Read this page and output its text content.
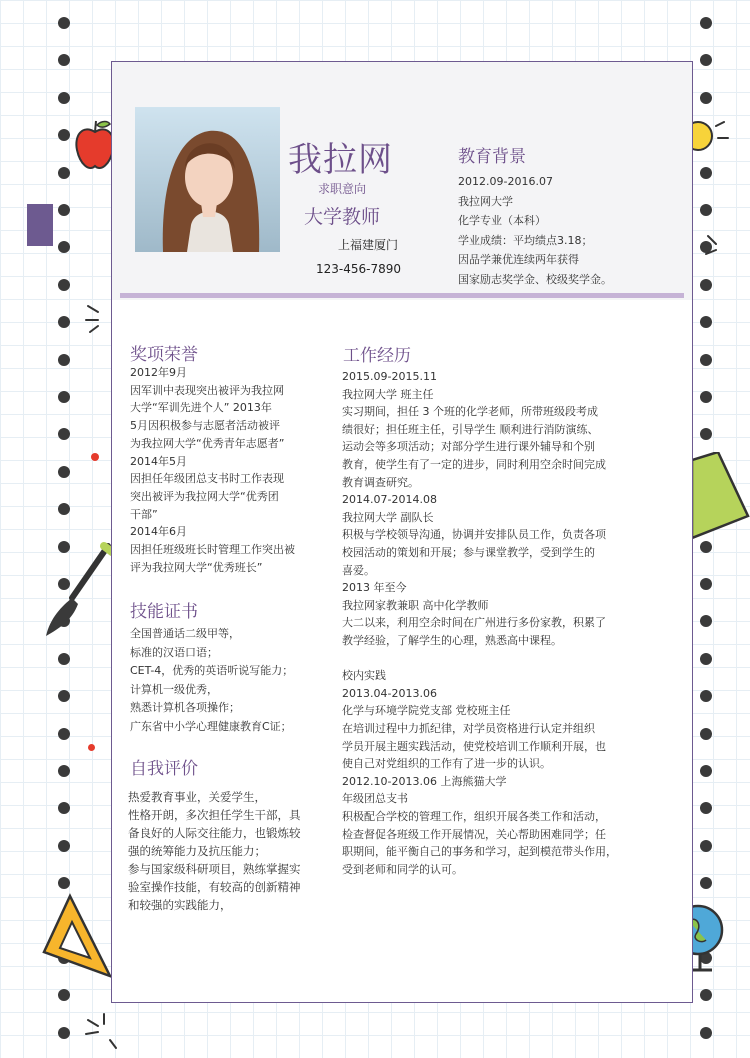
我拉网
求职意向
大学教师
上福建厦门
123-456-7890
教育背景
2012.09-2016.07
我拉网大学
化学专业（本科）
学业成绩：平均绩点3.18；
因品学兼优连续两年获得
国家励志奖学金、校级奖学金。
奖项荣誉
2012年9月
因军训中表现突出被评为我拉网
大学“军训先进个人” 2013年
5月因积极参与志愿者活动被评
为我拉网大学“优秀青年志愿者”
2014年5月
因担任年级团总支书时工作表现
突出被评为我拉网大学“优秀团
干部”
2014年6月
因担任班级班长时管理工作突出被
评为我拉网大学“优秀班长”
技能证书
全国普通话二级甲等，
标准的汉语口语；
CET-4，优秀的英语听说写能力；
计算机一级优秀，
熟悉计算机各项操作；
广东省中小学心理健康教育C证；
自我评价
热爱教育事业，关爱学生，
性格开朗，多次担任学生干部，具
备良好的人际交往能力，也锻炼较
强的统筹能力及抗压能力；
参与国家级科研项目，熟练掌握实
验室操作技能，有较高的创新精神
和较强的实践能力，
工作经历
2015.09-2015.11
我拉网大学 班主任
实习期间，担任 3 个班的化学老师，所带班级段考成
绩很好；担任班主任，引导学生 顺利进行消防演练、
运动会等多项活动；对部分学生进行课外辅导和个别
教育，使学生有了一定的进步，同时利用空余时间完成
教育调查研究。
2014.07-2014.08
我拉网大学 副队长
积极与学校领导沟通，协调并安排队员工作，负责各项
校园活动的策划和开展；参与课堂教学，受到学生的
喜爱。
2013 年至今
我拉网家教兼职 高中化学教师
大二以来，利用空余时间在广州进行多份家教，积累了
教学经验，了解学生的心理，熟悉高中课程。
校内实践
2013.04-2013.06
化学与环境学院党支部 党校班主任
在培训过程中力抓纪律，对学员资格进行认定并组织
学员开展主题实践活动，使党校培训工作顺利开展，也
使自己对党组织的工作有了进一步的认识。
2012.10-2013.06 上海熊猫大学
年级团总支书
积极配合学校的管理工作，组织开展各类工作和活动，
检查督促各班级工作开展情况，关心帮助困难同学；任
职期间，能平衡自己的事务和学习，起到模范带头作用，
受到老师和同学的认可。
